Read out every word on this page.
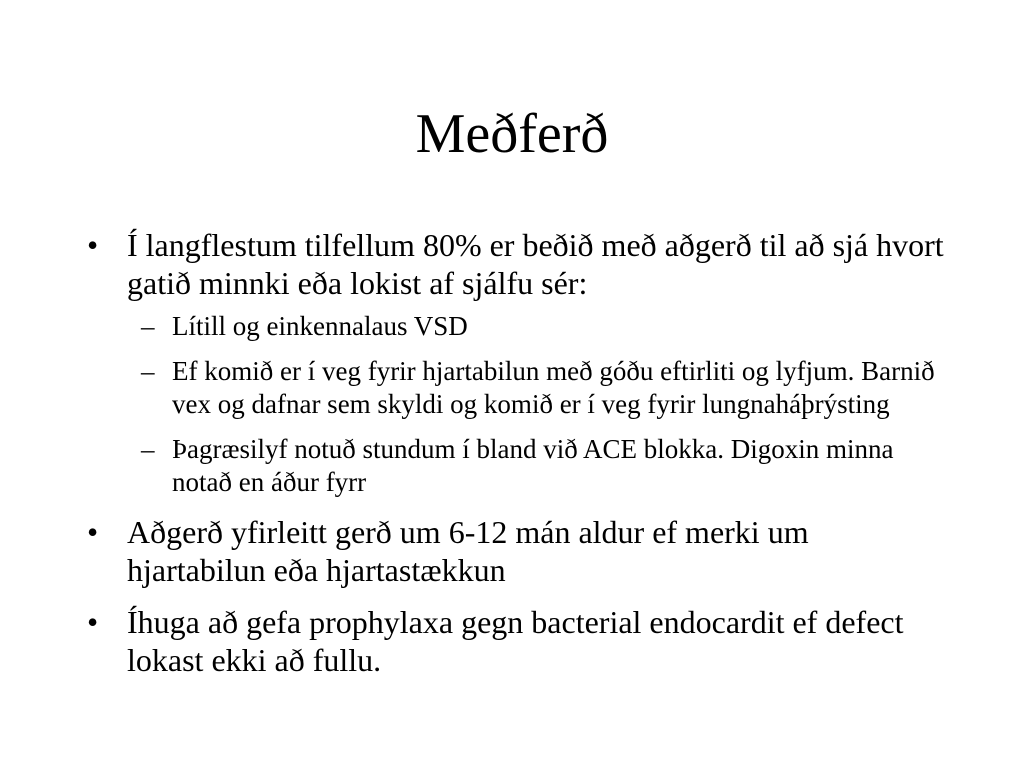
Meðferð
• Í langflestum tilfellum 80% er beðið með aðgerð til að sjá hvort gatið minnki eða lokist af sjálfu sér:
– Lítill og einkennalaus VSD
– Ef komið er í veg fyrir hjartabilun með góðu eftirliti og lyfjum. Barnið vex og dafnar sem skyldi og komið er í veg fyrir lungnaháþrýsting
– Þagræsilyf notuð stundum í bland við ACE blokka. Digoxin minna notað en áður fyrr
• Aðgerð yfirleitt gerð um 6-12 mán aldur ef merki um hjartabilun eða hjartastækkun
• Íhuga að gefa prophylaxa gegn bacterial endocardit ef defect lokast ekki að fullu.
